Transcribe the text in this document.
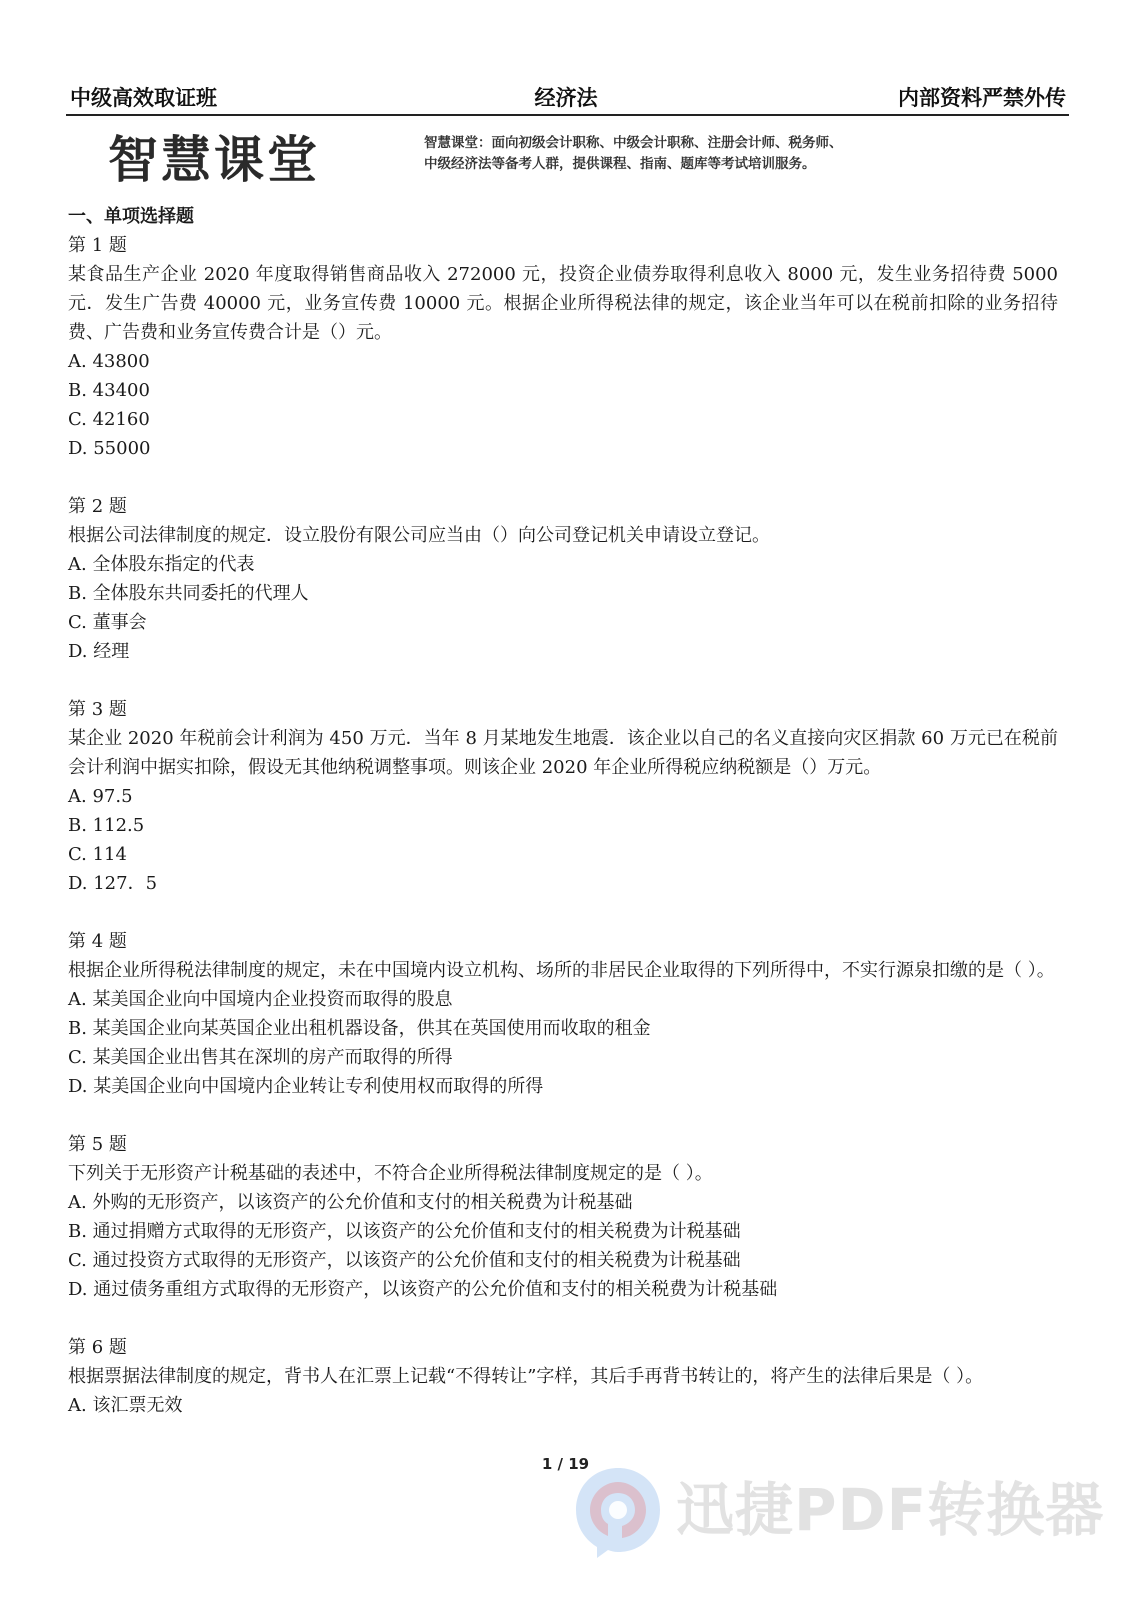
经济法
中级高效取证班	内部资料严禁外传
智慧课堂	智慧课堂：面向初级会计职称、中级会计职称、注册会计师、税务师、中级经济法等备考人群，提供课程、指南、题库等考试培训服务。

一、单项选择题

第 1 题
某食品生产企业 2020 年度取得销售商品收入 272000 元，投资企业债券取得利息收入 8000 元，发生业务招待费 5000 元．发生广告费 40000 元，业务宣传费 10000 元。根据企业所得税法律的规定，该企业当年可以在税前扣除的业务招待费、广告费和业务宣传费合计是（）元。
A. 43800
B. 43400
C. 42160
D. 55000
第 2 题
根据公司法律制度的规定．设立股份有限公司应当由（）向公司登记机关申请设立登记。
A. 全体股东指定的代表
B. 全体股东共同委托的代理人
C. 董事会
D. 经理
第 3 题
某企业 2020 年税前会计利润为 450 万元．当年 8 月某地发生地震．该企业以自己的名义直接向灾区捐款 60 万元已在税前会计利润中据实扣除，假设无其他纳税调整事项。则该企业 2020 年企业所得税应纳税额是（）万元。
A. 97.5
B. 112.5
C. 114
D. 127．5
第 4 题
根据企业所得税法律制度的规定，未在中国境内设立机构、场所的非居民企业取得的下列所得中，不实行源泉扣缴的是（ ）。
A. 某美国企业向中国境内企业投资而取得的股息
B. 某美国企业向某英国企业出租机器设备，供其在英国使用而收取的租金
C. 某美国企业出售其在深圳的房产而取得的所得
D. 某美国企业向中国境内企业转让专利使用权而取得的所得
第 5 题
下列关于无形资产计税基础的表述中，不符合企业所得税法律制度规定的是（ ）。
A. 外购的无形资产，以该资产的公允价值和支付的相关税费为计税基础
B. 通过捐赠方式取得的无形资产，以该资产的公允价值和支付的相关税费为计税基础
C. 通过投资方式取得的无形资产，以该资产的公允价值和支付的相关税费为计税基础
D. 通过债务重组方式取得的无形资产，以该资产的公允价值和支付的相关税费为计税基础
第 6 题
根据票据法律制度的规定，背书人在汇票上记载“不得转让”字样，其后手再背书转让的，将产生的法律后果是（ ）。
A. 该汇票无效
1 / 19
迅捷PDF转换器
